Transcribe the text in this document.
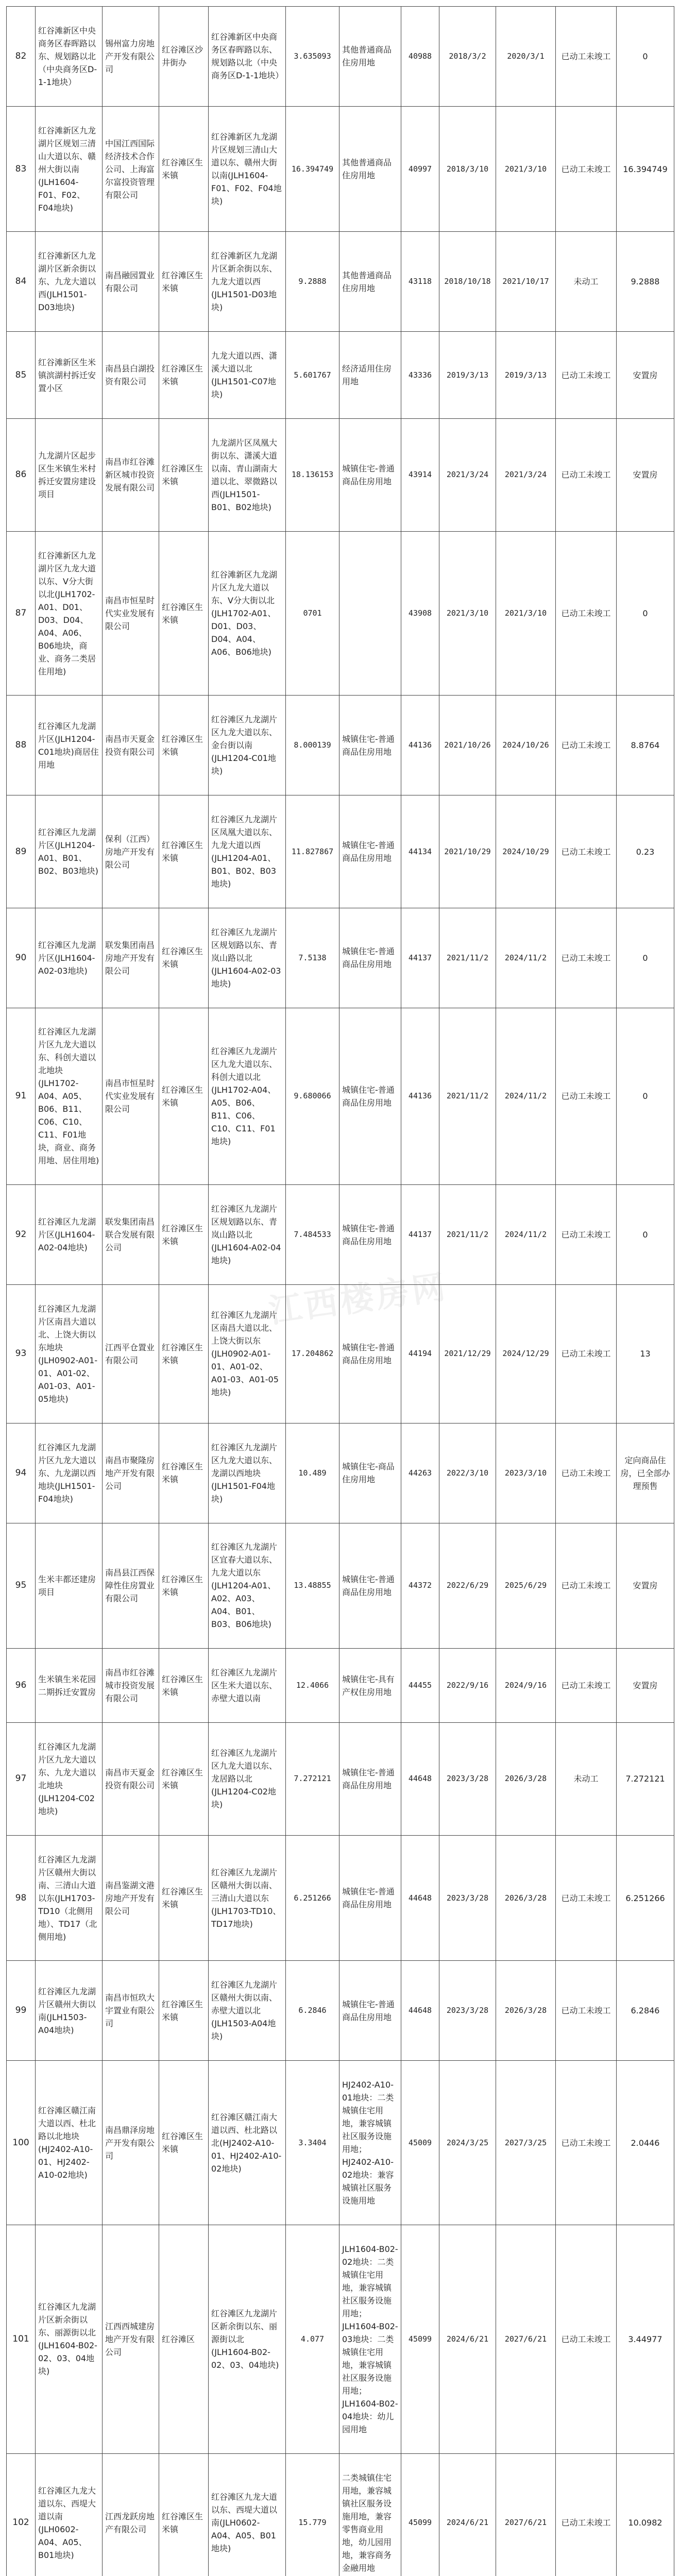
82	红谷滩新区中央商务区春晖路以东、规划路以北（中央商务区D-1-1地块）	锡州富力房地产开发有限公司	红谷滩区沙井街办	红谷滩新区中央商务区春晖路以东、规划路以北（中央商务区D-1-1地块）	3.635093	其他普通商品住房用地	40988	2018/3/2	2020/3/1	已动工未竣工	0
83	红谷滩新区九龙湖片区规划三清山大道以东、赣州大街以南(JLH1604-F01、F02、F04地块)	中国江西国际经济技术合作公司、上海富尔富投资管理有限公司	红谷滩区生米镇	红谷滩新区九龙湖片区规划三清山大道以东、赣州大街以南(JLH1604-F01、F02、F04地块)	16.394749	其他普通商品住房用地	40997	2018/3/10	2021/3/10	已动工未竣工	16.394749
84	红谷滩新区九龙湖片区新余街以东、九龙大道以西(JLH1501-D03地块)	南昌融园置业有限公司	红谷滩区生米镇	红谷滩新区九龙湖片区新余街以东、九龙大道以西(JLH1501-D03地块)	9.2888	其他普通商品住房用地	43118	2018/10/18	2021/10/17	未动工	9.2888
85	红谷滩新区生米镇滨湖村拆迁安置小区	南昌县白湖投资有限公司	红谷滩区生米镇	九龙大道以西、潇溪大道以北(JLH1501-C07地块)	5.601767	经济适用住房用地	43336	2019/3/13	2019/3/13	已动工未竣工	安置房
86	九龙湖片区起步区生米镇生米村拆迁安置房建设项目	南昌市红谷滩新区城市投资发展有限公司	红谷滩区生米镇	九龙湖片区凤凰大街以东、潇溪大道以南、青山湖南大道以北、翠微路以西(JLH1501-B01、B02地块)	18.136153	城镇住宅-普通商品住房用地	43914	2021/3/24	2021/3/24	已动工未竣工	安置房
87	红谷滩新区九龙湖片区九龙大道以东、V分大街以北(JLH1702-A01、D01、D03、D04、A04、A06、B06地块，商业、商务二类居住用地)	南昌市恒星时代实业发展有限公司	红谷滩区生米镇	红谷滩新区九龙湖片区九龙大道以东、V分大街以北(JLH1702-A01、D01、D03、D04、A04、A06、B06地块)	0701		43908	2021/3/10	2021/3/10	已动工未竣工	0
88	红谷滩区九龙湖片区(JLH1204-C01地块)商居住用地	南昌市天夏金投资有限公司	红谷滩区生米镇	红谷滩区九龙湖片区九龙大道以东、金台街以南(JLH1204-C01地块)	8.000139	城镇住宅-普通商品住房用地	44136	2021/10/26	2024/10/26	已动工未竣工	8.8764
89	红谷滩区九龙湖片区(JLH1204-A01、B01、B02、B03地块)	保利（江西）房地产开发有限公司	红谷滩区生米镇	红谷滩区九龙湖片区凤凰大道以东、九龙大道以西(JLH1204-A01、B01、B02、B03地块)	11.827867	城镇住宅-普通商品住房用地	44134	2021/10/29	2024/10/29	已动工未竣工	0.23
90	红谷滩区九龙湖片区(JLH1604-A02-03地块)	联发集团南昌房地产开发有限公司	红谷滩区生米镇	红谷滩区九龙湖片区规划路以东、青岚山路以北(JLH1604-A02-03地块)	7.5138	城镇住宅-普通商品住房用地	44137	2021/11/2	2024/11/2	已动工未竣工	0
91	红谷滩区九龙湖片区九龙大道以东、科创大道以北地块(JLH1702-A04、A05、B06、B11、C06、C10、C11、F01地块，商业、商务用地、居住用地)	南昌市恒星时代实业发展有限公司	红谷滩区生米镇	红谷滩区九龙湖片区九龙大道以东、科创大道以北(JLH1702-A04、A05、B06、B11、C06、C10、C11、F01地块)	9.680066	城镇住宅-普通商品住房用地	44136	2021/11/2	2024/11/2	已动工未竣工	0
92	红谷滩区九龙湖片区(JLH1604-A02-04地块)	联发集团南昌联合发展有限公司	红谷滩区生米镇	红谷滩区九龙湖片区规划路以东、青岚山路以北(JLH1604-A02-04地块)	7.484533	城镇住宅-普通商品住房用地	44137	2021/11/2	2024/11/2	已动工未竣工	0
93	红谷滩区九龙湖片区南昌大道以北、上饶大街以东地块(JLH0902-A01-01、A01-02、A01-03、A01-05地块)	江西平仓置业有限公司	红谷滩区生米镇	红谷滩区九龙湖片区南昌大道以北、上饶大街以东(JLH0902-A01-01、A01-02、A01-03、A01-05地块)	17.204862	城镇住宅-普通商品住房用地	44194	2021/12/29	2024/12/29	已动工未竣工	13
94	红谷滩区九龙湖片区九龙大道以东、九龙湖以西地块(JLH1501-F04地块)	南昌市聚隆房地产开发有限公司	红谷滩区生米镇	红谷滩区九龙湖片区九龙大道以东、龙湖以西地块(JLH1501-F04地块)	10.489	城镇住宅-商品住房用地	44263	2022/3/10	2023/3/10	已动工未竣工	定向商品住房，已全部办理预售
95	生米丰都还建房项目	南昌县江西保障性住房置业有限公司	红谷滩区生米镇	红谷滩区九龙湖片区宜春大道以东、九龙大道以东(JLH1204-A01、A02、A03、A04、B01、B03、B06地块)	13.48855	城镇住宅-普通商品住房用地	44372	2022/6/29	2025/6/29	已动工未竣工	安置房
96	生米镇生米花园二期拆迁安置房	南昌市红谷滩城市投资发展有限公司	红谷滩区生米镇	红谷滩区九龙湖片区生米大道以东、赤壁大道以南	12.4066	城镇住宅-具有产权住房用地	44455	2022/9/16	2024/9/16	已动工未竣工	安置房
97	红谷滩区九龙湖片区九龙大道以东、九龙大道以北地块(JLH1204-C02地块)	南昌市天夏金投资有限公司	红谷滩区生米镇	红谷滩区九龙湖片区九龙大道以东、龙居路以北(JLH1204-C02地块)	7.272121	城镇住宅-普通商品住房用地	44648	2023/3/28	2026/3/28	未动工	7.272121
98	红谷滩区九龙湖片区赣州大街以南、三清山大道以东(JLH1703-TD10（北侧用地）、TD17（北侧用地)	南昌鉴湖文港房地产开发有限公司	红谷滩区生米镇	红谷滩区九龙湖片区赣州大街以南、三清山大道以东(JLH1703-TD10、TD17地块)	6.251266	城镇住宅-普通商品住房用地	44648	2023/3/28	2026/3/28	已动工未竣工	6.251266
99	红谷滩区九龙湖片区赣州大街以南(JLH1503-A04地块)	南昌市恒玖大宇置业有限公司	红谷滩区生米镇	红谷滩区九龙湖片区赣州大街以南、赤壁大道以北(JLH1503-A04地块)	6.2846	城镇住宅-普通商品住房用地	44648	2023/3/28	2026/3/28	已动工未竣工	6.2846
100	红谷滩区赣江南大道以西、杜北路以北地块(HJ2402-A10-01、HJ2402-A10-02地块)	南昌鼎泽房地产开发有限公司	红谷滩区生米镇	红谷滩区赣江南大道以西、杜北路以北(HJ2402-A10-01、HJ2402-A10-02地块)	3.3404	HJ2402-A10-01地块：二类城镇住宅用地，兼容城镇社区服务设施用地；HJ2402-A10-02地块：兼容城镇社区服务设施用地	45009	2024/3/25	2027/3/25	已动工未竣工	2.0446
101	红谷滩区九龙湖片区新余街以东、丽源街以北(JLH1604-B02-02、03、04地块)	江西西城建房地产开发有限公司	红谷滩区	红谷滩区九龙湖片区新余街以东、丽源街以北(JLH1604-B02-02、03、04地块)	4.077	JLH1604-B02-02地块：二类城镇住宅用地，兼容城镇社区服务设施用地；JLH1604-B02-03地块：二类城镇住宅用地，兼容城镇社区服务设施用地；JLH1604-B02-04地块：幼儿园用地	45099	2024/6/21	2027/6/21	已动工未竣工	3.44977
102	红谷滩区九龙大道以东、西堤大道以南(JLH0602-A04、A05、B01地块)	江西龙跃房地产有限公司	红谷滩区生米镇	红谷滩区九龙大道以东、西堤大道以南(JLH0602-A04、A05、B01地块)	15.779	二类城镇住宅用地，兼容城镇社区服务设施用地，兼容零售商业用地，幼儿园用地，兼容商务金融用地	45099	2024/6/21	2027/6/21	已动工未竣工	10.0982

江西楼房网
